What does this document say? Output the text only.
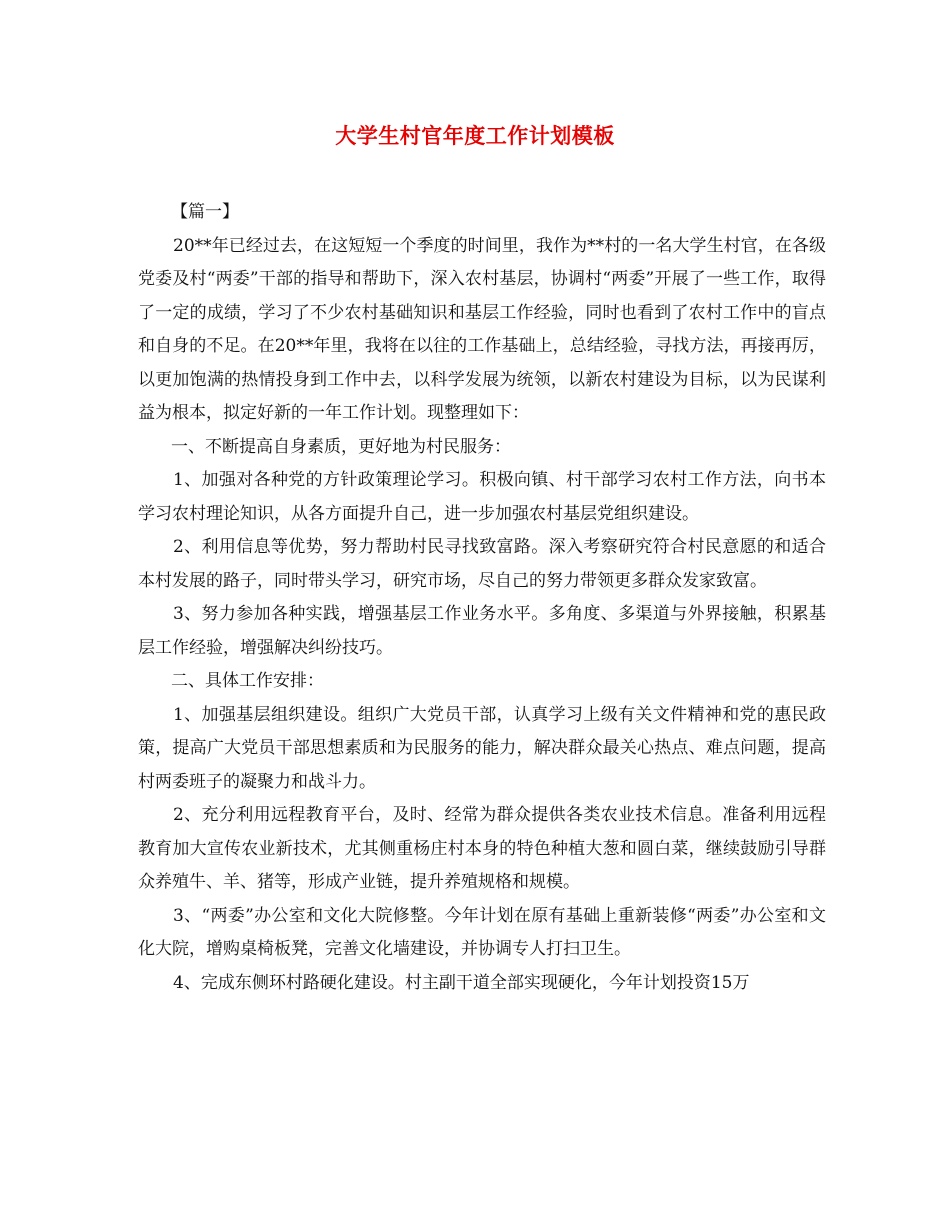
大学生村官年度工作计划模板

【篇一】

20**年已经过去，在这短短一个季度的时间里，我作为**村的一名大学生村官，在各级党委及村“两委”干部的指导和帮助下，深入农村基层，协调村“两委”开展了一些工作，取得了一定的成绩，学习了不少农村基础知识和基层工作经验，同时也看到了农村工作中的盲点和自身的不足。在20**年里，我将在以往的工作基础上，总结经验，寻找方法，再接再厉，以更加饱满的热情投身到工作中去，以科学发展为统领，以新农村建设为目标，以为民谋利益为根本，拟定好新的一年工作计划。现整理如下：

一、不断提高自身素质，更好地为村民服务：

1、加强对各种党的方针政策理论学习。积极向镇、村干部学习农村工作方法，向书本学习农村理论知识，从各方面提升自己，进一步加强农村基层党组织建设。

2、利用信息等优势，努力帮助村民寻找致富路。深入考察研究符合村民意愿的和适合本村发展的路子，同时带头学习，研究市场，尽自己的努力带领更多群众发家致富。

3、努力参加各种实践，增强基层工作业务水平。多角度、多渠道与外界接触，积累基层工作经验，增强解决纠纷技巧。

二、具体工作安排：

1、加强基层组织建设。组织广大党员干部，认真学习上级有关文件精神和党的惠民政策，提高广大党员干部思想素质和为民服务的能力，解决群众最关心热点、难点问题，提高村两委班子的凝聚力和战斗力。

2、充分利用远程教育平台，及时、经常为群众提供各类农业技术信息。准备利用远程教育加大宣传农业新技术，尤其侧重杨庄村本身的特色种植大葱和圆白菜，继续鼓励引导群众养殖牛、羊、猪等，形成产业链，提升养殖规格和规模。

3、“两委”办公室和文化大院修整。今年计划在原有基础上重新装修“两委”办公室和文化大院，增购桌椅板凳，完善文化墙建设，并协调专人打扫卫生。

4、完成东侧环村路硬化建设。村主副干道全部实现硬化，今年计划投资15万
